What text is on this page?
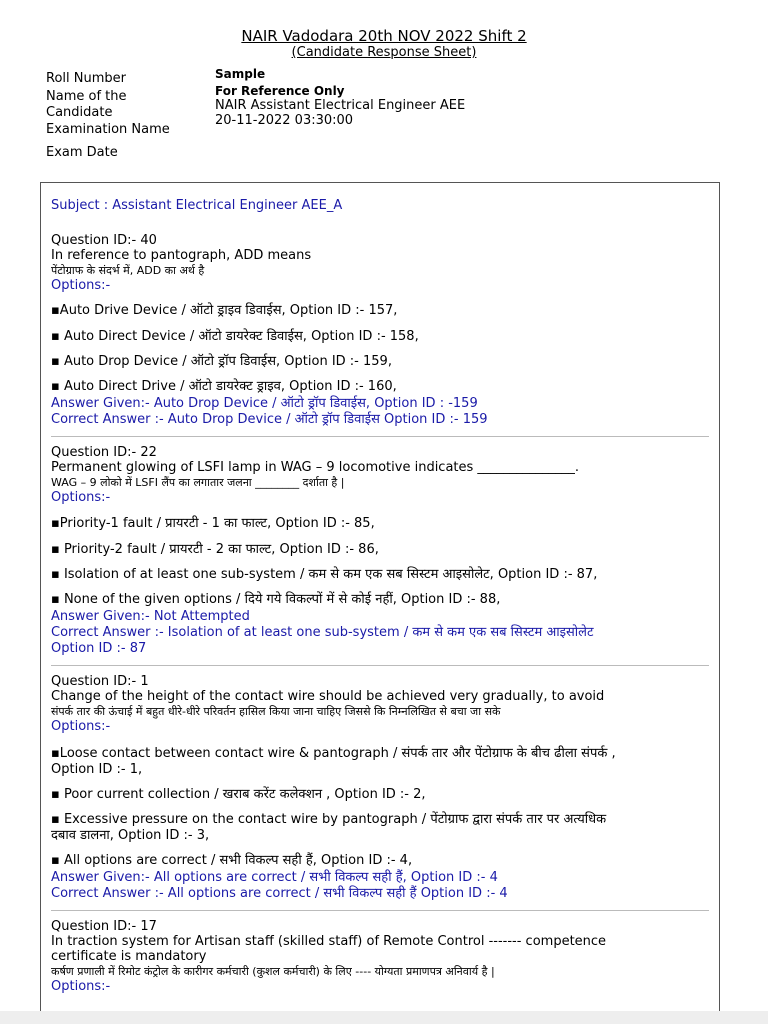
NAIR Vadodara 20th NOV 2022 Shift 2
(Candidate Response Sheet)
Roll Number
Name of the
Candidate
Examination Name
Exam Date
Sample
For Reference Only
NAIR Assistant Electrical Engineer AEE
20-11-2022 03:30:00
Subject : Assistant Electrical Engineer AEE_A
Question ID:- 40
In reference to pantograph, ADD means
पेंटोग्राफ के संदर्भ में, ADD का अर्थ है
Options:-
▪Auto Drive Device / ऑटो ड्राइव डिवाईस, Option ID :- 157,
▪ Auto Direct Device / ऑटो डायरेक्ट डिवाईस, Option ID :- 158,
▪ Auto Drop Device / ऑटो ड्रॉप डिवाईस, Option ID :- 159,
▪ Auto Direct Drive / ऑटो डायरेक्ट ड्राइव, Option ID :- 160,
Answer Given:- Auto Drop Device / ऑटो ड्रॉप डिवाईस, Option ID : -159
Correct Answer :- Auto Drop Device / ऑटो ड्रॉप डिवाईस Option ID :- 159
Question ID:- 22
Permanent glowing of LSFI lamp in WAG – 9 locomotive indicates _______________.
WAG – 9 लोको में LSFI लैंप का लगातार जलना ________ दर्शाता है |
Options:-
▪Priority-1 fault / प्रायरटी - 1 का फाल्ट, Option ID :- 85,
▪ Priority-2 fault / प्रायरटी - 2 का फाल्ट, Option ID :- 86,
▪ Isolation of at least one sub-system / कम से कम एक सब सिस्टम आइसोलेट, Option ID :- 87,
▪ None of the given options / दिये गये विकल्पों में से कोई नहीं, Option ID :- 88,
Answer Given:- Not Attempted
Correct Answer :- Isolation of at least one sub-system / कम से कम एक सब सिस्टम आइसोलेट
Option ID :- 87
Question ID:- 1
Change of the height of the contact wire should be achieved very gradually, to avoid
संपर्क तार की ऊंचाई में बहुत धीरे-धीरे परिवर्तन हासिल किया जाना चाहिए जिससे कि निम्नलिखित से बचा जा सके
Options:-
▪Loose contact between contact wire & pantograph / संपर्क तार और पेंटोग्राफ के बीच ढीला संपर्क ,
Option ID :- 1,
▪ Poor current collection / खराब करेंट कलेक्शन , Option ID :- 2,
▪ Excessive pressure on the contact wire by pantograph / पेंटोग्राफ द्वारा संपर्क तार पर अत्यधिक
दबाव डालना, Option ID :- 3,
▪ All options are correct / सभी विकल्प सही हैं, Option ID :- 4,
Answer Given:- All options are correct / सभी विकल्प सही हैं, Option ID :- 4
Correct Answer :- All options are correct / सभी विकल्प सही हैं Option ID :- 4
Question ID:- 17
In traction system for Artisan staff (skilled staff) of Remote Control ------- competence
certificate is mandatory
कर्षण प्रणाली में रिमोट कंट्रोल के कारीगर कर्मचारी (कुशल कर्मचारी) के लिए ---- योग्यता प्रमाणपत्र अनिवार्य है |
Options:-
